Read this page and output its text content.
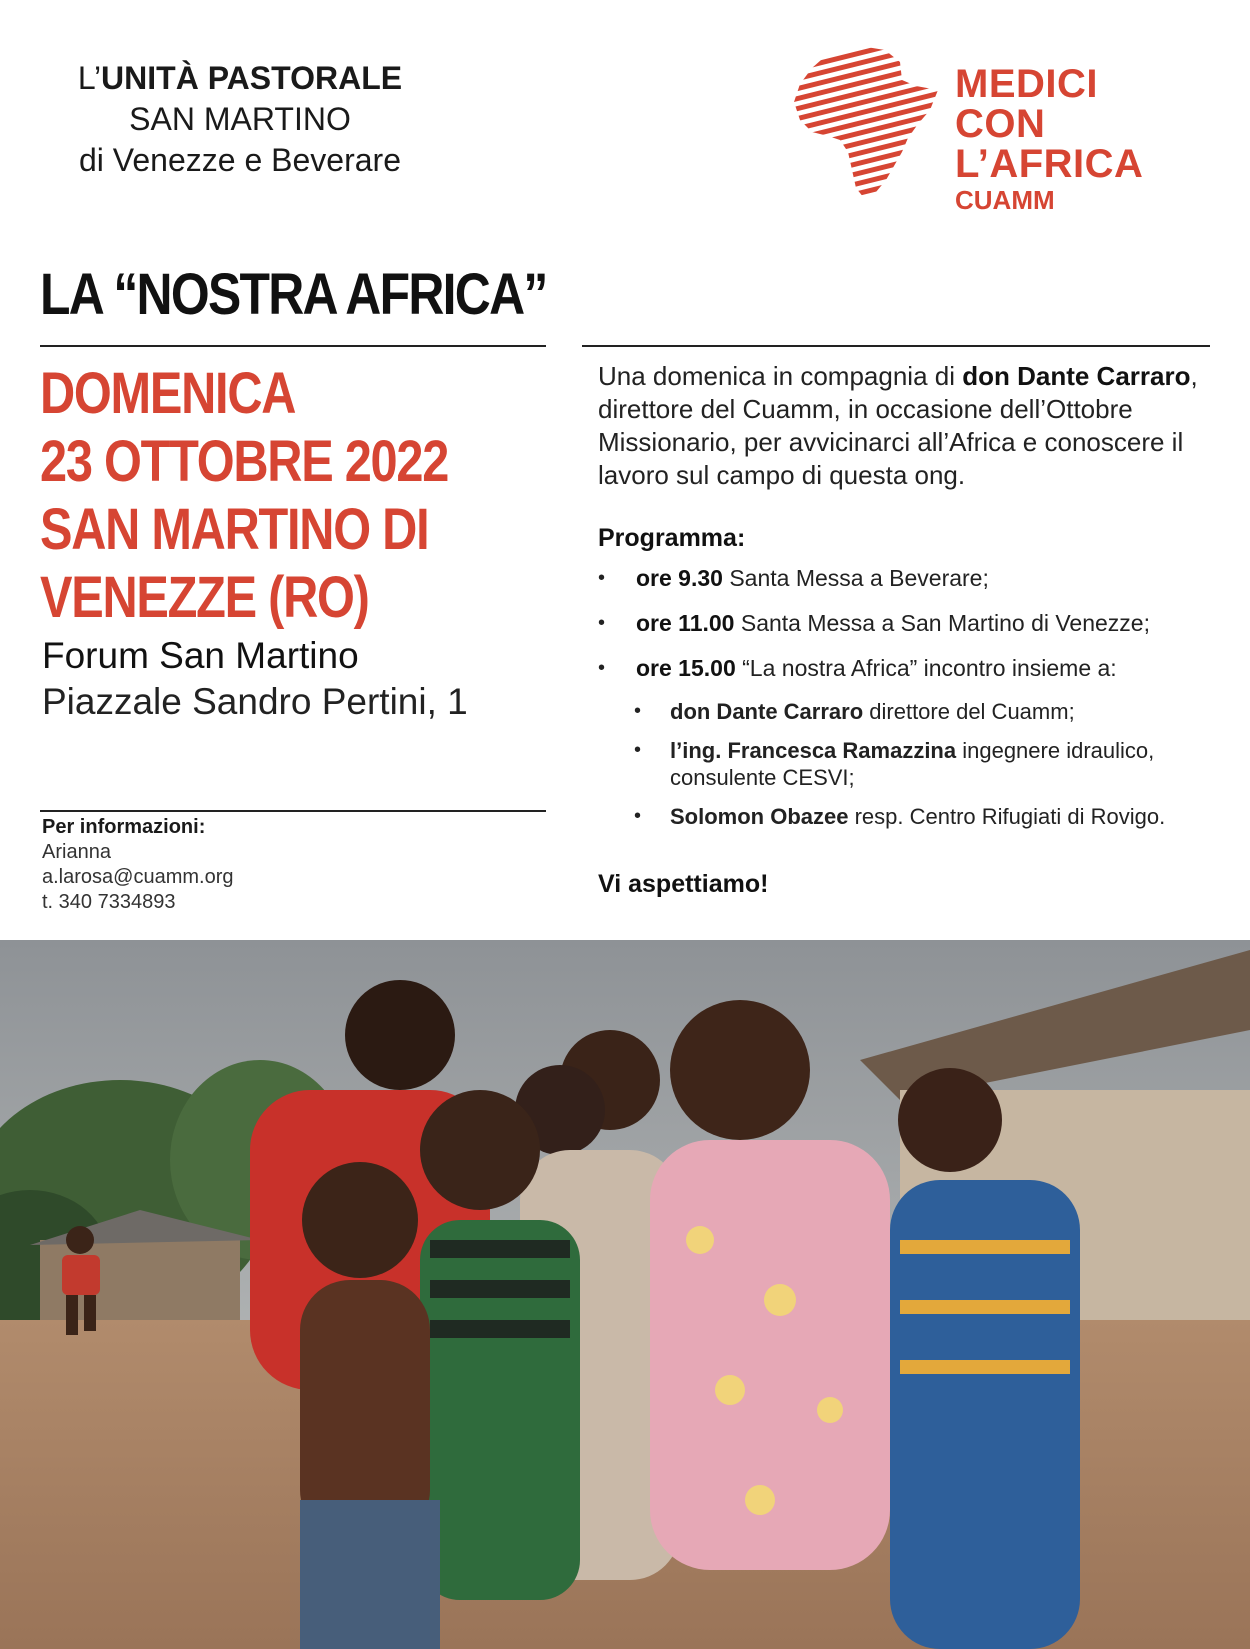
L’UNITÀ PASTORALE
SAN MARTINO
di Venezze e Beverare
MEDICI
CON L’AFRICA
CUAMM
LA “NOSTRA AFRICA”
DOMENICA
23 OTTOBRE 2022
SAN MARTINO DI
VENEZZE (RO)
Forum San Martino
Piazzale Sandro Pertini, 1
Per informazioni:
Arianna
a.larosa@cuamm.org
t. 340 7334893
Una domenica in compagnia di don Dante Carraro, direttore del Cuamm, in occasione dell’Ottobre Missionario, per avvicinarci all’Africa e conoscere il lavoro sul campo di questa ong.
Programma:
• ore 9.30 Santa Messa a Beverare;
• ore 11.00 Santa Messa a San Martino di Venezze;
• ore 15.00 “La nostra Africa” incontro insieme a:
• don Dante Carraro direttore del Cuamm;
• l’ing. Francesca Ramazzina ingegnere idraulico, consulente CESVI;
• Solomon Obazee resp. Centro Rifugiati di Rovigo.
Vi aspettiamo!
